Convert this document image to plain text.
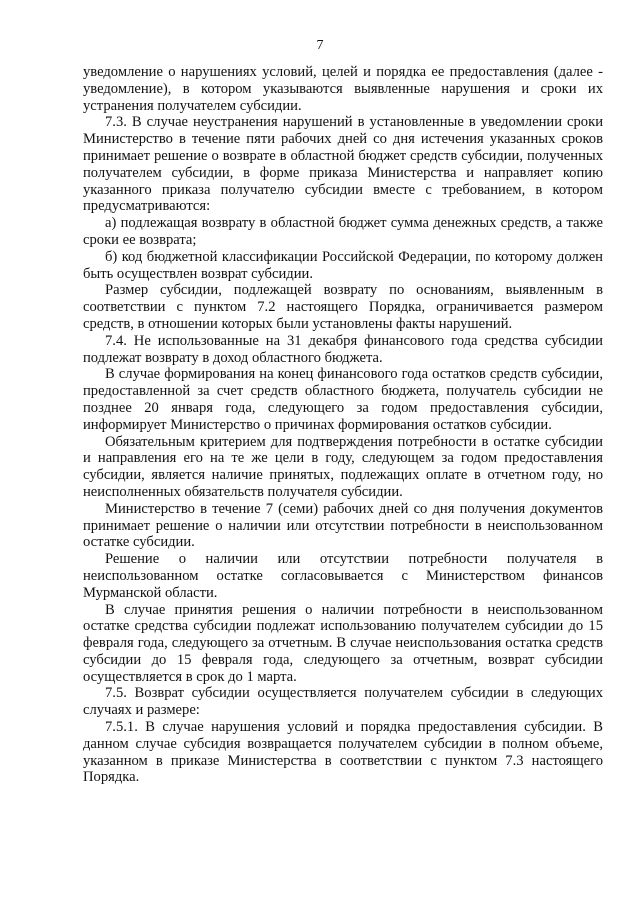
7

уведомление о нарушениях условий, целей и порядка ее предоставления (далее - уведомление), в котором указываются выявленные нарушения и сроки их устранения получателем субсидии.

7.3. В случае неустранения нарушений в установленные в уведомлении сроки Министерство в течение пяти рабочих дней со дня истечения указанных сроков принимает решение о возврате в областной бюджет средств субсидии, полученных получателем субсидии, в форме приказа Министерства и направляет копию указанного приказа получателю субсидии вместе с требованием, в котором предусматриваются:

а) подлежащая возврату в областной бюджет сумма денежных средств, а также сроки ее возврата;

б) код бюджетной классификации Российской Федерации, по которому должен быть осуществлен возврат субсидии.

Размер субсидии, подлежащей возврату по основаниям, выявленным в соответствии с пунктом 7.2 настоящего Порядка, ограничивается размером средств, в отношении которых были установлены факты нарушений.

7.4. Не использованные на 31 декабря финансового года средства субсидии подлежат возврату в доход областного бюджета.

В случае формирования на конец финансового года остатков средств субсидии, предоставленной за счет средств областного бюджета, получатель субсидии не позднее 20 января года, следующего за годом предоставления субсидии, информирует Министерство о причинах формирования остатков субсидии.

Обязательным критерием для подтверждения потребности в остатке субсидии и направления его на те же цели в году, следующем за годом предоставления субсидии, является наличие принятых, подлежащих оплате в отчетном году, но неисполненных обязательств получателя субсидии.

Министерство в течение 7 (семи) рабочих дней со дня получения документов принимает решение о наличии или отсутствии потребности в неиспользованном остатке субсидии.

Решение о наличии или отсутствии потребности получателя в неиспользованном остатке согласовывается с Министерством финансов Мурманской области.

В случае принятия решения о наличии потребности в неиспользованном остатке средства субсидии подлежат использованию получателем субсидии до 15 февраля года, следующего за отчетным. В случае неиспользования остатка средств субсидии до 15 февраля года, следующего за отчетным, возврат субсидии осуществляется в срок до 1 марта.

7.5. Возврат субсидии осуществляется получателем субсидии в следующих случаях и размере:

7.5.1. В случае нарушения условий и порядка предоставления субсидии. В данном случае субсидия возвращается получателем субсидии в полном объеме, указанном в приказе Министерства в соответствии с пунктом 7.3 настоящего Порядка.
